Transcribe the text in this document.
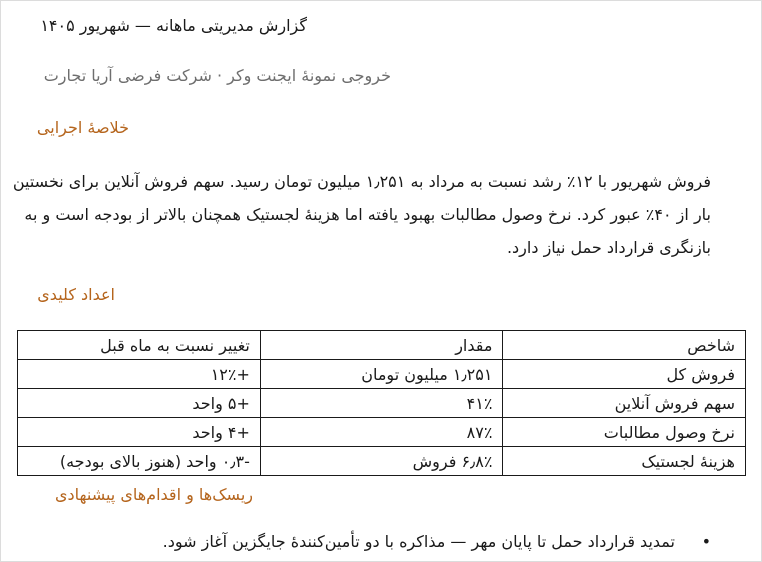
گزارش مدیریتی ماهانه — شهریور ۱۴۰۵
خروجی نمونهٔ ایجنت وکر · شرکت فرضی آریا تجارت
خلاصهٔ اجرایی
فروش شهریور با ۱۲٪ رشد نسبت به مرداد به ۱٫۲۵۱ میلیون تومان رسید. سهم فروش آنلاین برای نخستین بار از ۴۰٪ عبور کرد. نرخ وصول مطالبات بهبود یافته اما هزینهٔ لجستیک همچنان بالاتر از بودجه است و به بازنگری قرارداد حمل نیاز دارد.
اعداد کلیدی
شاخص	مقدار	تغییر نسبت به ماه قبل
فروش کل	۱٫۲۵۱ میلیون تومان	+۱۲٪
سهم فروش آنلاین	۴۱٪	+۵ واحد
نرخ وصول مطالبات	۸۷٪	+۴ واحد
هزینهٔ لجستیک	۶٫۸٪ فروش	-۰٫۳ واحد (هنوز بالای بودجه)
ریسک‌ها و اقدام‌های پیشنهادی
•
تمدید قرارداد حمل تا پایان مهر — مذاکره با دو تأمین‌کنندهٔ جایگزین آغاز شود.
